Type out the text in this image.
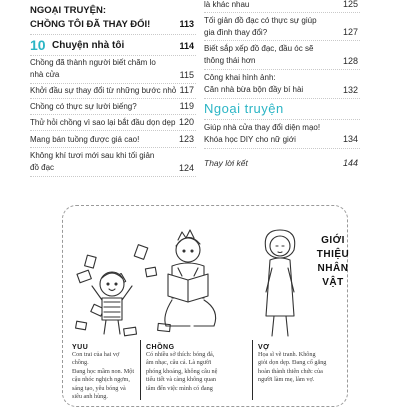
NGOẠI TRUYỆN:
CHỒNG TÔI ĐÃ THAY ĐỔI!	113
10 Chuyện nhà tôi	114
Chồng đã thành người biết chăm lo
nhà cửa	115
Khởi đầu sự thay đổi từ những bước nhỏ 117
Chồng có thực sự lười biếng?	119
Thử hỏi chồng vì sao lại bắt đầu dọn dẹp 120
Mang bán tuồng được giá cao!	123
Không khí tươi mới sau khi tối giản
đồ đạc	124
là khác nhau	125
Tối giản đồ đạc có thực sự giúp
gia đình thay đổi?	127
Biết sắp xếp đồ đạc, đầu óc sẽ
thông thái hơn	128
Công khai hình ảnh:
Căn nhà bừa bộn đầy bí hài	132
Ngoại truyện
Giúp nhà cửa thay đổi diện mạo!
Khóa học DIY cho nữ giới	134
Thay lời kết	144
GIỚI
THIỆU
NHÂN
VẬT
YUU
Con trai của hai vợ chồng.
Đang học mầm non. Một
cậu nhóc nghịch ngợm,
sáng tạo, yêu bóng và
siêu anh hùng.
CHỒNG
Có nhiều sở thích: bóng đá,
âm nhạc, câu cá. Là người
phóng khoáng, không câu nệ
tiểu tiết và càng không quan
tâm đến việc mình có đang
VỢ
Họa sĩ vẽ tranh. Không
giỏi dọn dẹp. Đang cố gắng
hoàn thành thiên chức của
người làm mẹ, làm vợ.
